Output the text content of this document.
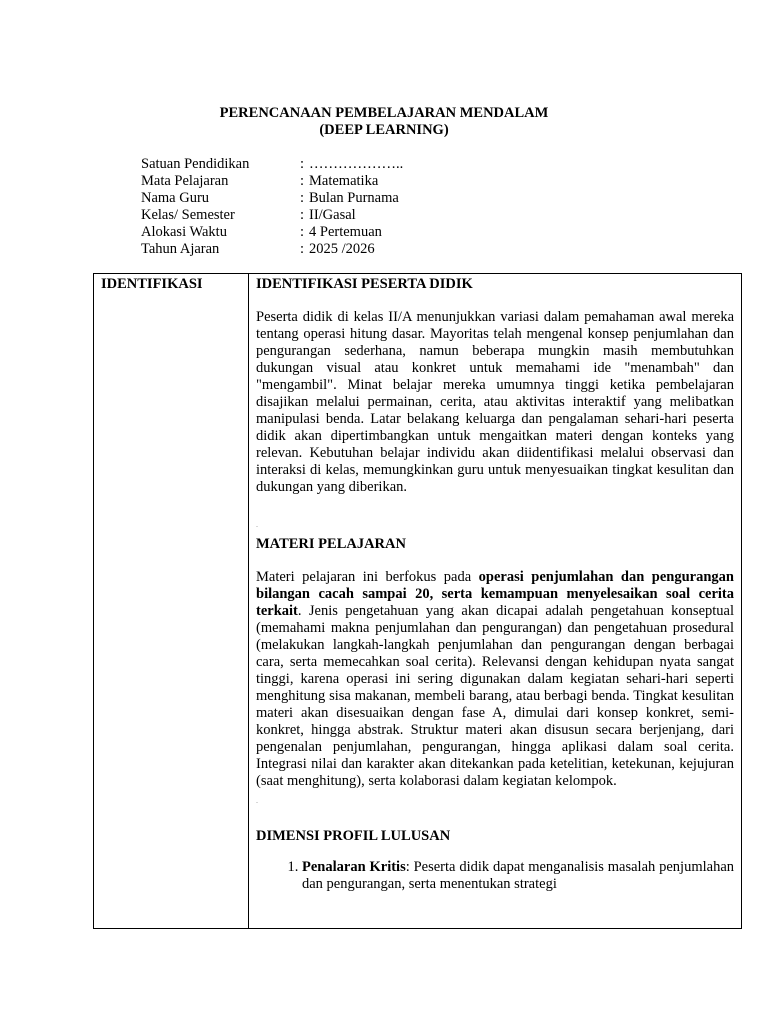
PERENCANAAN PEMBELAJARAN MENDALAM
(DEEP LEARNING)
Satuan Pendidikan	: ………………..
Mata Pelajaran	: Matematika
Nama Guru	: Bulan Purnama
Kelas/ Semester	: II/Gasal
Alokasi Waktu	: 4 Pertemuan
Tahun Ajaran	: 2025 /2026
IDENTIFIKASI	IDENTIFIKASI PESERTA DIDIK

Peserta didik di kelas II/A menunjukkan variasi dalam pemahaman awal mereka tentang operasi hitung dasar. Mayoritas telah mengenal konsep penjumlahan dan pengurangan sederhana, namun beberapa mungkin masih membutuhkan dukungan visual atau konkret untuk memahami ide "menambah" dan "mengambil". Minat belajar mereka umumnya tinggi ketika pembelajaran disajikan melalui permainan, cerita, atau aktivitas interaktif yang melibatkan manipulasi benda. Latar belakang keluarga dan pengalaman sehari-hari peserta didik akan dipertimbangkan untuk mengaitkan materi dengan konteks yang relevan. Kebutuhan belajar individu akan diidentifikasi melalui observasi dan interaksi di kelas, memungkinkan guru untuk menyesuaikan tingkat kesulitan dan dukungan yang diberikan.

.

MATERI PELAJARAN

Materi pelajaran ini berfokus pada operasi penjumlahan dan pengurangan bilangan cacah sampai 20, serta kemampuan menyelesaikan soal cerita terkait. Jenis pengetahuan yang akan dicapai adalah pengetahuan konseptual (memahami makna penjumlahan dan pengurangan) dan pengetahuan prosedural (melakukan langkah-langkah penjumlahan dan pengurangan dengan berbagai cara, serta memecahkan soal cerita). Relevansi dengan kehidupan nyata sangat tinggi, karena operasi ini sering digunakan dalam kegiatan sehari-hari seperti menghitung sisa makanan, membeli barang, atau berbagi benda. Tingkat kesulitan materi akan disesuaikan dengan fase A, dimulai dari konsep konkret, semi-konkret, hingga abstrak. Struktur materi akan disusun secara berjenjang, dari pengenalan penjumlahan, pengurangan, hingga aplikasi dalam soal cerita. Integrasi nilai dan karakter akan ditekankan pada ketelitian, ketekunan, kejujuran (saat menghitung), serta kolaborasi dalam kegiatan kelompok.

.

DIMENSI PROFIL LULUSAN

1. Penalaran Kritis: Peserta didik dapat menganalisis masalah penjumlahan dan pengurangan, serta menentukan strategi
